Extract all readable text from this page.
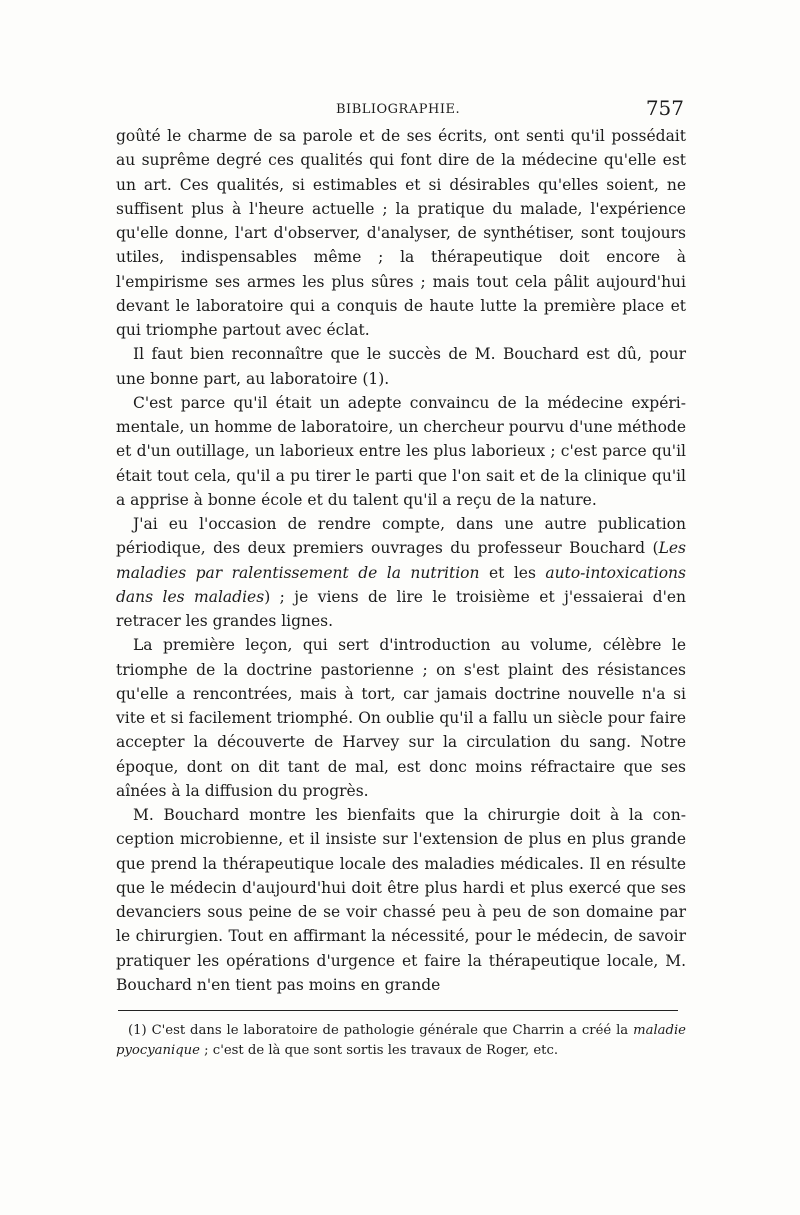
BIBLIOGRAPHIE.	757

goûté le charme de sa parole et de ses écrits, ont senti qu'il possédait au suprême degré ces qualités qui font dire de la médecine qu'elle est un art. Ces qualités, si estimables et si désirables qu'elles soient, ne suffisent plus à l'heure actuelle ; la pratique du malade, l'expérience qu'elle donne, l'art d'observer, d'analyser, de synthétiser, sont toujours utiles, indispensables même ; la thérapeutique doit encore à l'empirisme ses armes les plus sûres ; mais tout cela pâlit aujourd'hui devant le laboratoire qui a conquis de haute lutte la première place et qui triomphe partout avec éclat.

Il faut bien reconnaître que le succès de M. Bouchard est dû, pour une bonne part, au laboratoire (1).

C'est parce qu'il était un adepte convaincu de la médecine expérimentale, un homme de laboratoire, un chercheur pourvu d'une méthode et d'un outillage, un laborieux entre les plus laborieux ; c'est parce qu'il était tout cela, qu'il a pu tirer le parti que l'on sait et de la clinique qu'il a apprise à bonne école et du talent qu'il a reçu de la nature.

J'ai eu l'occasion de rendre compte, dans une autre publication périodique, des deux premiers ouvrages du professeur Bouchard (Les maladies par ralentissement de la nutrition et les auto-intoxications dans les maladies) ; je viens de lire le troisième et j'essaierai d'en retracer les grandes lignes.

La première leçon, qui sert d'introduction au volume, célèbre le triomphe de la doctrine pastorienne ; on s'est plaint des résistances qu'elle a rencontrées, mais à tort, car jamais doctrine nouvelle n'a si vite et si facilement triomphé. On oublie qu'il a fallu un siècle pour faire accepter la découverte de Harvey sur la circulation du sang. Notre époque, dont on dit tant de mal, est donc moins réfractaire que ses aînées à la diffusion du progrès.

M. Bouchard montre les bienfaits que la chirurgie doit à la conception microbienne, et il insiste sur l'extension de plus en plus grande que prend la thérapeutique locale des maladies médicales. Il en résulte que le médecin d'aujourd'hui doit être plus hardi et plus exercé que ses devanciers sous peine de se voir chassé peu à peu de son domaine par le chirurgien. Tout en affirmant la nécessité, pour le médecin, de savoir pratiquer les opérations d'urgence et faire la thérapeutique locale, M. Bouchard n'en tient pas moins en grande

(1) C'est dans le laboratoire de pathologie générale que Charrin a créé la maladie pyocyanique ; c'est de là que sont sortis les travaux de Roger, etc.
